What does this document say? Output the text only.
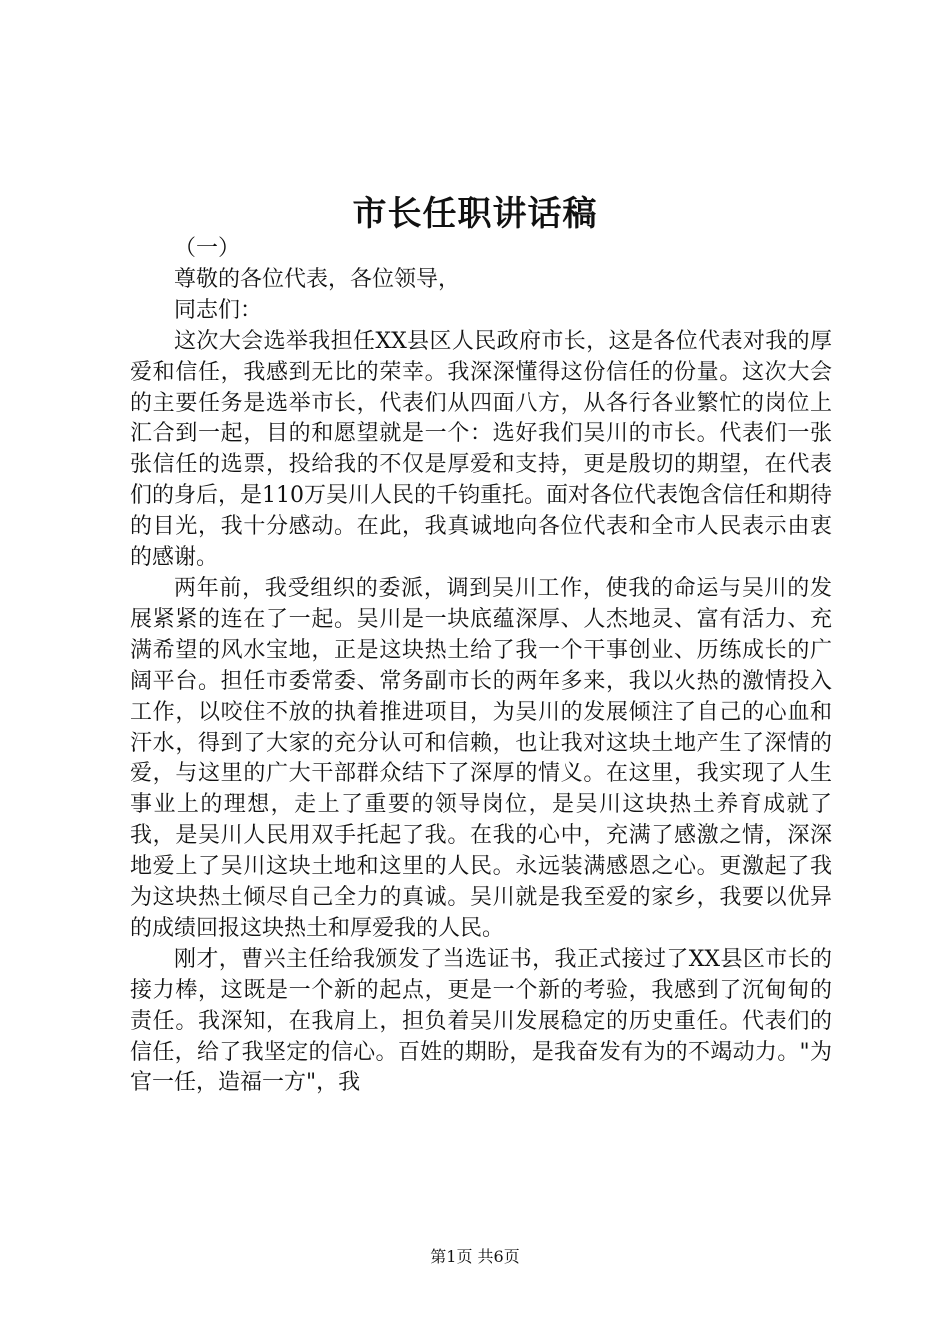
市长任职讲话稿

（一）

尊敬的各位代表，各位领导，

同志们：

这次大会选举我担任XX县区人民政府市长，这是各位代表对我的厚爱和信任，我感到无比的荣幸。我深深懂得这份信任的份量。这次大会的主要任务是选举市长，代表们从四面八方，从各行各业繁忙的岗位上汇合到一起，目的和愿望就是一个：选好我们吴川的市长。代表们一张张信任的选票，投给我的不仅是厚爱和支持，更是殷切的期望，在代表们的身后，是110万吴川人民的千钧重托。面对各位代表饱含信任和期待的目光，我十分感动。在此，我真诚地向各位代表和全市人民表示由衷的感谢。

两年前，我受组织的委派，调到吴川工作，使我的命运与吴川的发展紧紧的连在了一起。吴川是一块底蕴深厚、人杰地灵、富有活力、充满希望的风水宝地，正是这块热土给了我一个干事创业、历练成长的广阔平台。担任市委常委、常务副市长的两年多来，我以火热的激情投入工作，以咬住不放的执着推进项目，为吴川的发展倾注了自己的心血和汗水，得到了大家的充分认可和信赖，也让我对这块土地产生了深情的爱，与这里的广大干部群众结下了深厚的情义。在这里，我实现了人生事业上的理想，走上了重要的领导岗位，是吴川这块热土养育成就了我，是吴川人民用双手托起了我。在我的心中，充满了感激之情，深深地爱上了吴川这块土地和这里的人民。永远装满感恩之心。更激起了我为这块热土倾尽自己全力的真诚。吴川就是我至爱的家乡，我要以优异的成绩回报这块热土和厚爱我的人民。

刚才，曹兴主任给我颁发了当选证书，我正式接过了XX县区市长的接力棒，这既是一个新的起点，更是一个新的考验，我感到了沉甸甸的责任。我深知，在我肩上，担负着吴川发展稳定的历史重任。代表们的信任，给了我坚定的信心。百姓的期盼，是我奋发有为的不竭动力。"为官一任，造福一方"，我

第1页 共6页
